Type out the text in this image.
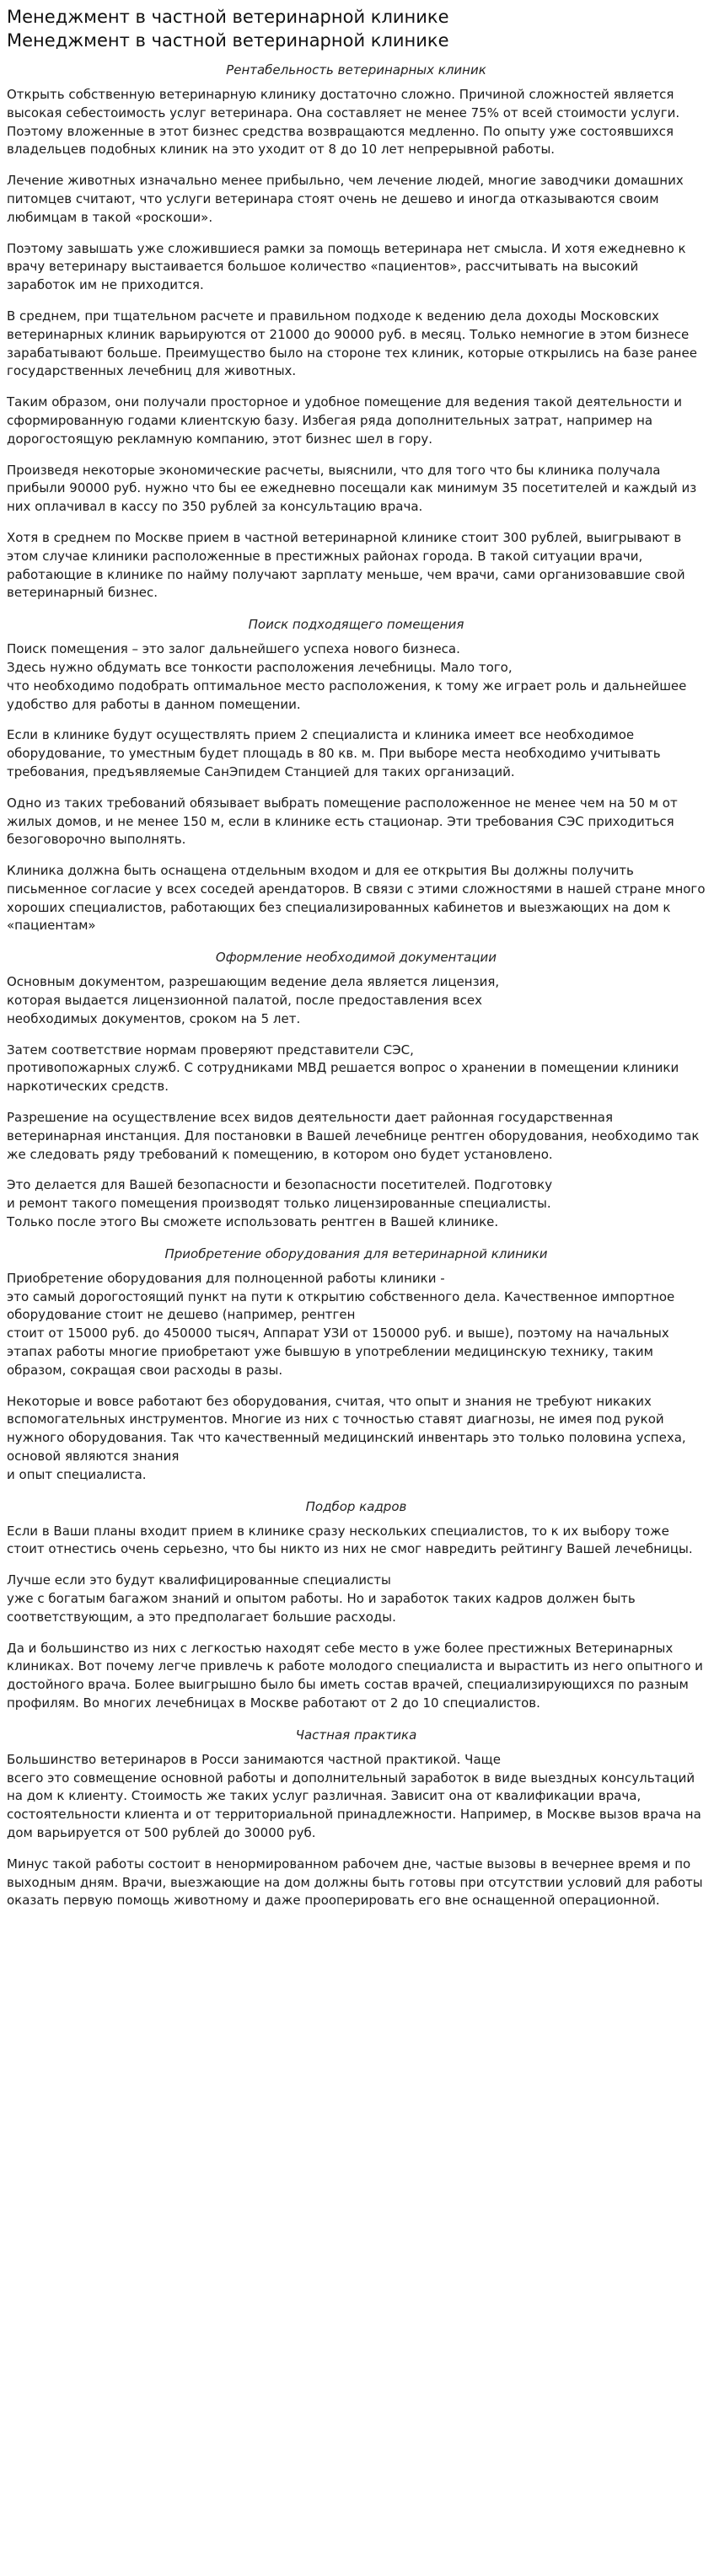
Менеджмент в частной ветеринарной клинике
Менеджмент в частной ветеринарной клинике
Рентабельность ветеринарных клиник

Открыть собственную ветеринарную клинику достаточно сложно. Причиной сложностей является высокая себестоимость услуг ветеринара. Она составляет не менее 75% от всей стоимости услуги. Поэтому вложенные в этот бизнес средства возвращаются медленно. По опыту уже состоявшихся владельцев подобных клиник на это уходит от 8 до 10 лет непрерывной работы.

Лечение животных изначально менее прибыльно, чем лечение людей, многие заводчики домашних питомцев считают, что услуги ветеринара стоят очень не дешево и иногда отказываются своим любимцам в такой «роскоши».

Поэтому завышать уже сложившиеся рамки за помощь ветеринара нет смысла. И хотя ежедневно к врачу ветеринару выстаивается большое количество «пациентов», рассчитывать на высокий заработок им не приходится.

В среднем, при тщательном расчете и правильном подходе к ведению дела доходы Московских ветеринарных клиник варьируются от 21000 до 90000 руб. в месяц. Только немногие в этом бизнесе зарабатывают больше. Преимущество было на стороне тех клиник, которые открылись на базе ранее государственных лечебниц для животных.

Таким образом, они получали просторное и удобное помещение для ведения такой деятельности и сформированную годами клиентскую базу. Избегая ряда дополнительных затрат, например на дорогостоящую рекламную компанию, этот бизнес шел в гору.

Произведя некоторые экономические расчеты, выяснили, что для того что бы клиника получала прибыли 90000 руб. нужно что бы ее ежедневно посещали как минимум 35 посетителей и каждый из них оплачивал в кассу по 350 рублей за консультацию врача.

Хотя в среднем по Москве прием в частной ветеринарной клинике стоит 300 рублей, выигрывают в этом случае клиники расположенные в престижных районах города. В такой ситуации врачи, работающие в клинике по найму получают зарплату меньше, чем врачи, сами организовавшие свой ветеринарный бизнес.

Поиск подходящего помещения

Поиск помещения – это залог дальнейшего успеха нового бизнеса.
Здесь нужно обдумать все тонкости расположения лечебницы. Мало того,
что необходимо подобрать оптимальное место расположения, к тому же играет роль и дальнейшее удобство для работы в данном помещении.

Если в клинике будут осуществлять прием 2 специалиста и клиника имеет все необходимое оборудование, то уместным будет площадь в 80 кв. м. При выборе места необходимо учитывать требования, предъявляемые СанЭпидем Станцией для таких организаций.

Одно из таких требований обязывает выбрать помещение расположенное не менее чем на 50 м от жилых домов, и не менее 150 м, если в клинике есть стационар. Эти требования СЭС приходиться безоговорочно выполнять.

Клиника должна быть оснащена отдельным входом и для ее открытия Вы должны получить письменное согласие у всех соседей арендаторов. В связи с этими сложностями в нашей стране много хороших специалистов, работающих без специализированных кабинетов и выезжающих на дом к «пациентам»

Оформление необходимой документации

Основным документом, разрешающим ведение дела является лицензия,
которая выдается лицензионной палатой, после предоставления всех
необходимых документов, сроком на 5 лет.

Затем соответствие нормам проверяют представители СЭС,
противопожарных служб. С сотрудниками МВД решается вопрос о хранении в помещении клиники наркотических средств.

Разрешение на осуществление всех видов деятельности дает районная государственная ветеринарная инстанция. Для постановки в Вашей лечебнице рентген оборудования, необходимо так же следовать ряду требований к помещению, в котором оно будет установлено.

Это делается для Вашей безопасности и безопасности посетителей. Подготовку
и ремонт такого помещения производят только лицензированные специалисты.
Только после этого Вы сможете использовать рентген в Вашей клинике.

Приобретение оборудования для ветеринарной клиники

Приобретение оборудования для полноценной работы клиники -
это самый дорогостоящий пункт на пути к открытию собственного дела. Качественное импортное оборудование стоит не дешево (например, рентген
стоит от 15000 руб. до 450000 тысяч, Аппарат УЗИ от 150000 руб. и выше), поэтому на начальных этапах работы многие приобретают уже бывшую в употреблении медицинскую технику, таким образом, сокращая свои расходы в разы.

Некоторые и вовсе работают без оборудования, считая, что опыт и знания не требуют никаких вспомогательных инструментов. Многие из них с точностью ставят диагнозы, не имея под рукой нужного оборудования. Так что качественный медицинский инвентарь это только половина успеха, основой являются знания
и опыт специалиста.

Подбор кадров

Если в Ваши планы входит прием в клинике сразу нескольких специалистов, то к их выбору тоже стоит отнестись очень серьезно, что бы никто из них не смог навредить рейтингу Вашей лечебницы.

Лучше если это будут квалифицированные специалисты
уже с богатым багажом знаний и опытом работы. Но и заработок таких кадров должен быть соответствующим, а это предполагает большие расходы.

Да и большинство из них с легкостью находят себе место в уже более престижных Ветеринарных клиниках. Вот почему легче привлечь к работе молодого специалиста и вырастить из него опытного и достойного врача. Более выигрышно было бы иметь состав врачей, специализирующихся по разным профилям. Во многих лечебницах в Москве работают от 2 до 10 специалистов.

Частная практика

Большинство ветеринаров в Росси занимаются частной практикой. Чаще
всего это совмещение основной работы и дополнительный заработок в виде выездных консультаций на дом к клиенту. Стоимость же таких услуг различная. Зависит она от квалификации врача, состоятельности клиента и от территориальной принадлежности. Например, в Москве вызов врача на дом варьируется от 500 рублей до 30000 руб.

Минус такой работы состоит в ненормированном рабочем дне, частые вызовы в вечернее время и по выходным дням. Врачи, выезжающие на дом должны быть готовы при отсутствии условий для работы оказать первую помощь животному и даже прооперировать его вне оснащенной операционной.
